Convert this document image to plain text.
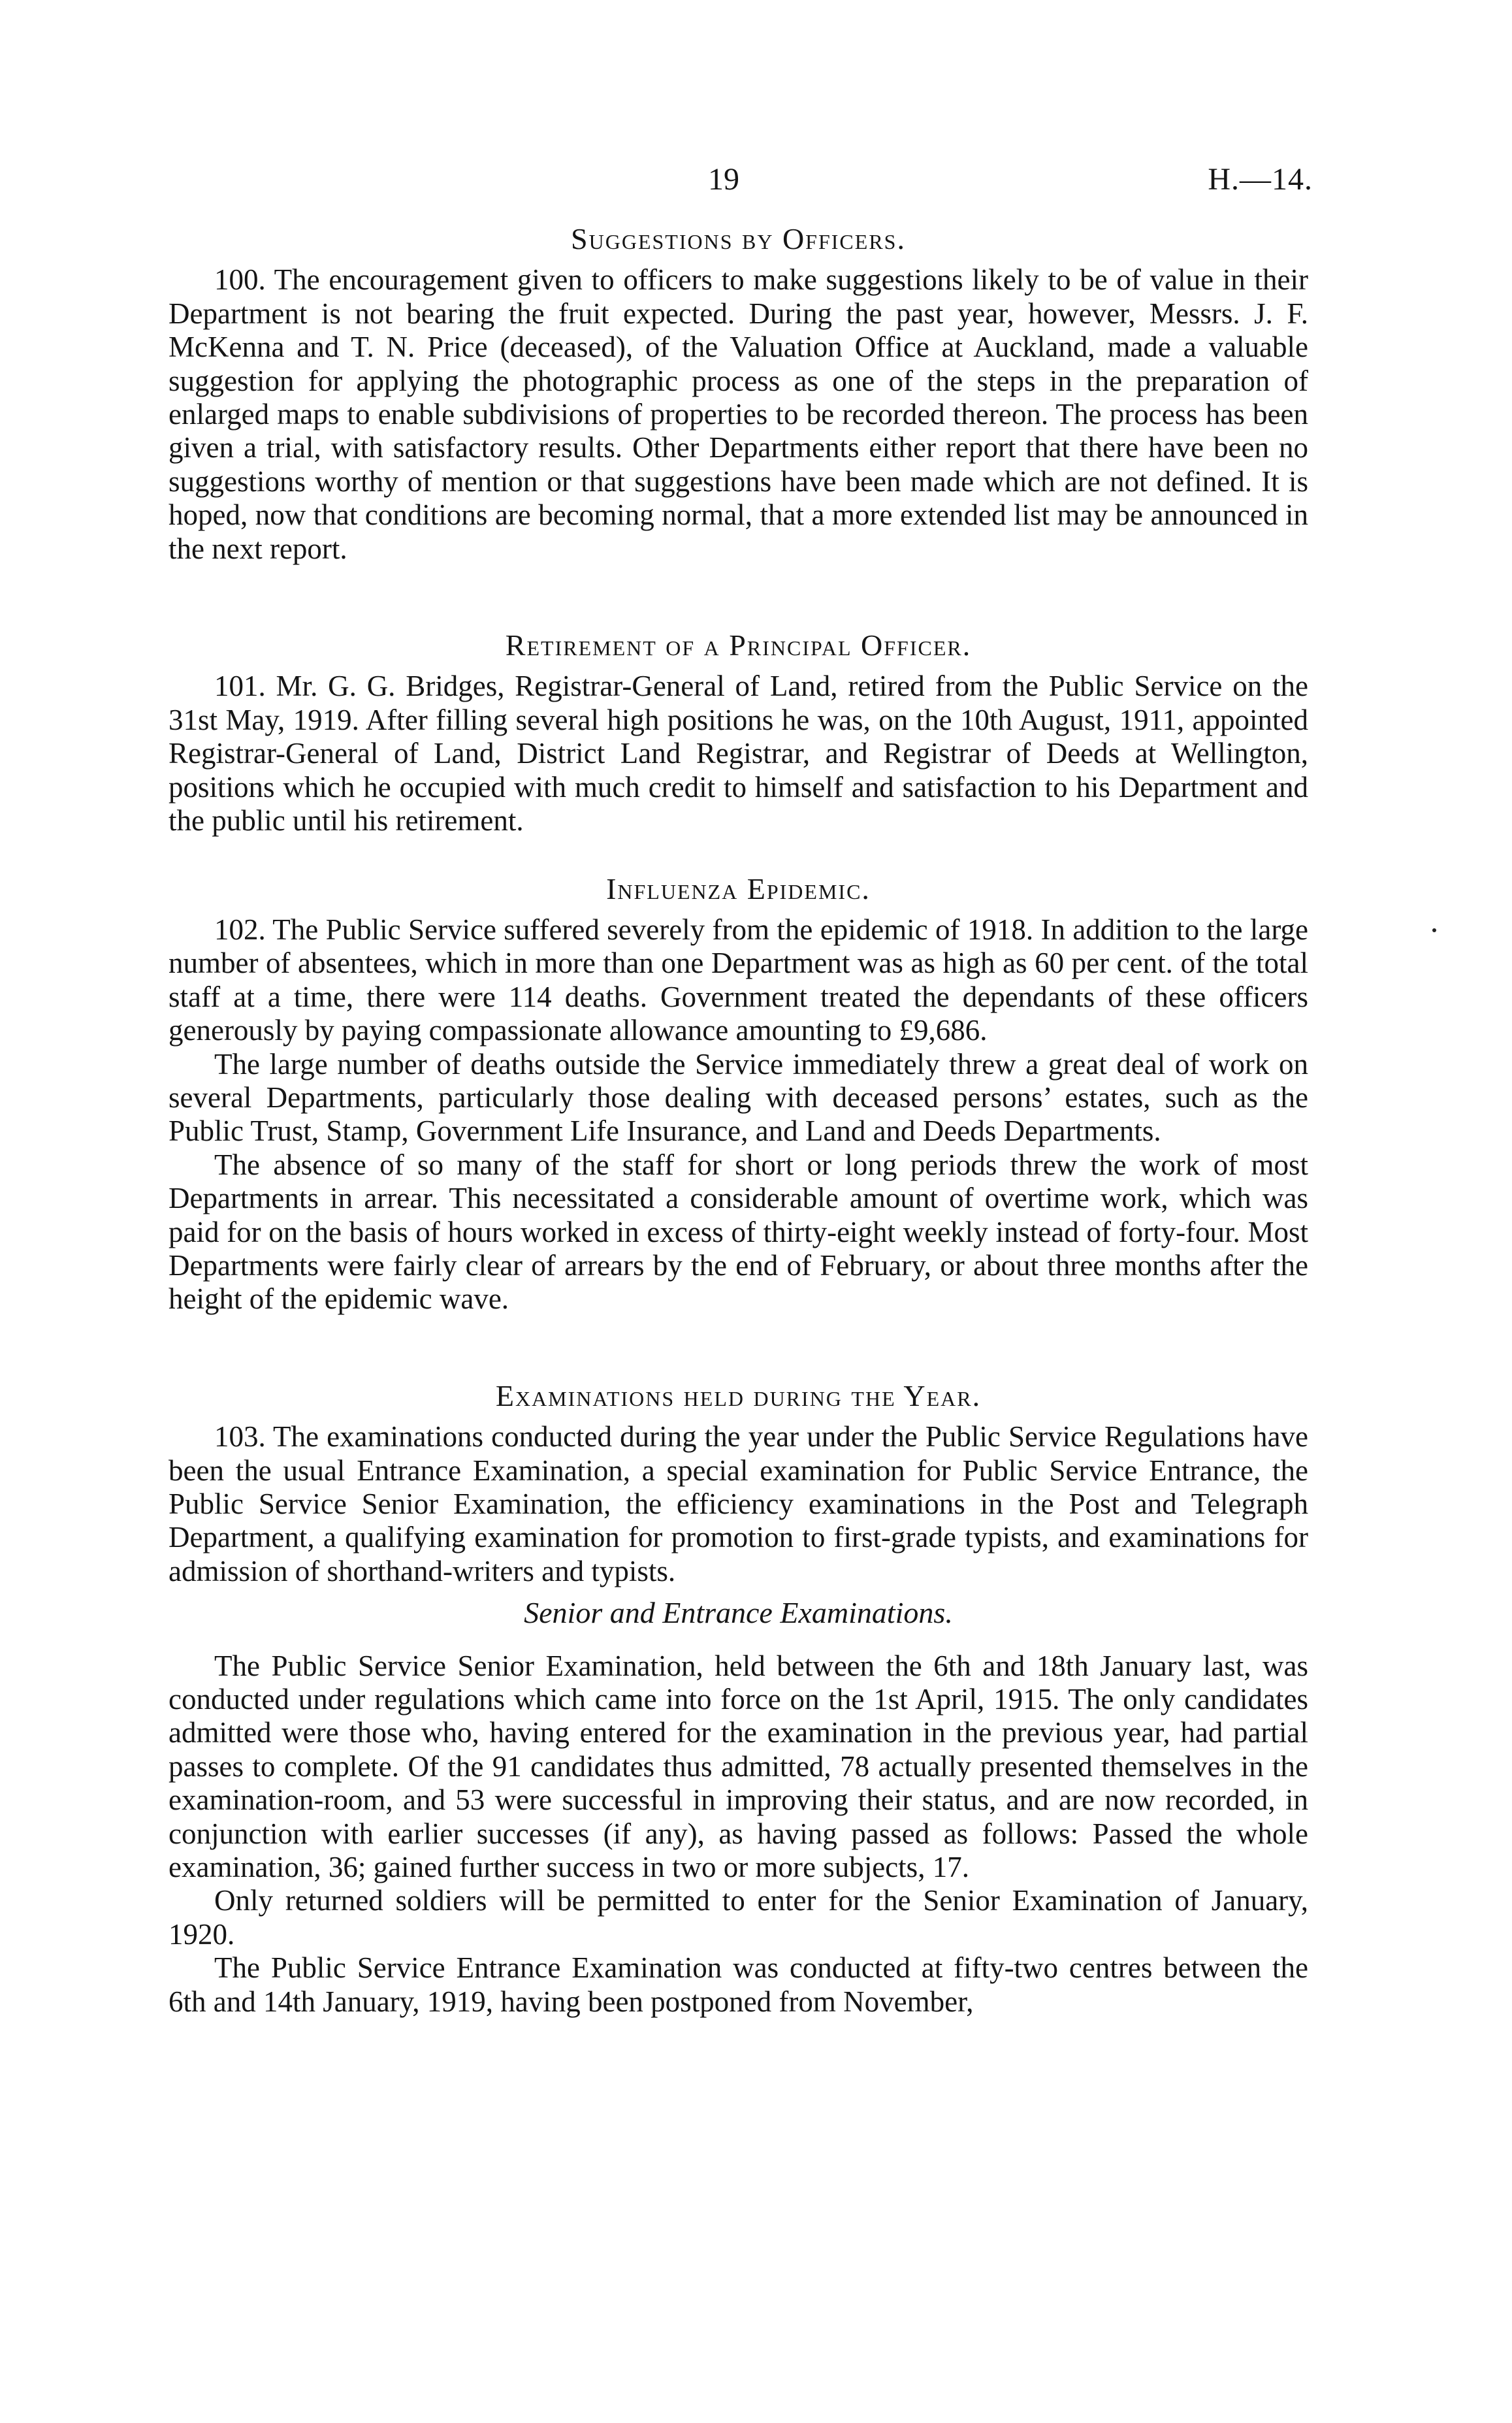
19	H.—14.
Suggestions by Officers.

100. The encouragement given to officers to make suggestions likely to be of value in their Department is not bearing the fruit expected. During the past year, however, Messrs. J. F. McKenna and T. N. Price (deceased), of the Valuation Office at Auckland, made a valuable suggestion for applying the photographic process as one of the steps in the preparation of enlarged maps to enable subdivisions of properties to be recorded thereon. The process has been given a trial, with satisfactory results. Other Departments either report that there have been no suggestions worthy of mention or that suggestions have been made which are not defined. It is hoped, now that conditions are becoming normal, that a more extended list may be announced in the next report.

Retirement of a Principal Officer.

101. Mr. G. G. Bridges, Registrar-General of Land, retired from the Public Service on the 31st May, 1919. After filling several high positions he was, on the 10th August, 1911, appointed Registrar-General of Land, District Land Registrar, and Registrar of Deeds at Wellington, positions which he occupied with much credit to himself and satisfaction to his Department and the public until his retirement.

Influenza Epidemic.

102. The Public Service suffered severely from the epidemic of 1918. In addition to the large number of absentees, which in more than one Department was as high as 60 per cent. of the total staff at a time, there were 114 deaths. Government treated the dependants of these officers generously by paying compassionate allowance amounting to £9,686.

The large number of deaths outside the Service immediately threw a great deal of work on several Departments, particularly those dealing with deceased persons’ estates, such as the Public Trust, Stamp, Government Life Insurance, and Land and Deeds Departments.

The absence of so many of the staff for short or long periods threw the work of most Departments in arrear. This necessitated a considerable amount of overtime work, which was paid for on the basis of hours worked in excess of thirty-eight weekly instead of forty-four. Most Departments were fairly clear of arrears by the end of February, or about three months after the height of the epidemic wave.

Examinations held during the Year.

103. The examinations conducted during the year under the Public Service Regulations have been the usual Entrance Examination, a special examination for Public Service Entrance, the Public Service Senior Examination, the efficiency examinations in the Post and Telegraph Department, a qualifying examination for promotion to first-grade typists, and examinations for admission of shorthand-writers and typists.

Senior and Entrance Examinations.

The Public Service Senior Examination, held between the 6th and 18th January last, was conducted under regulations which came into force on the 1st April, 1915. The only candidates admitted were those who, having entered for the examination in the previous year, had partial passes to complete. Of the 91 candidates thus admitted, 78 actually presented themselves in the examination-room, and 53 were successful in improving their status, and are now recorded, in conjunction with earlier successes (if any), as having passed as follows: Passed the whole examination, 36; gained further success in two or more subjects, 17.

Only returned soldiers will be permitted to enter for the Senior Examination of January, 1920.

The Public Service Entrance Examination was conducted at fifty-two centres between the 6th and 14th January, 1919, having been postponed from November,
